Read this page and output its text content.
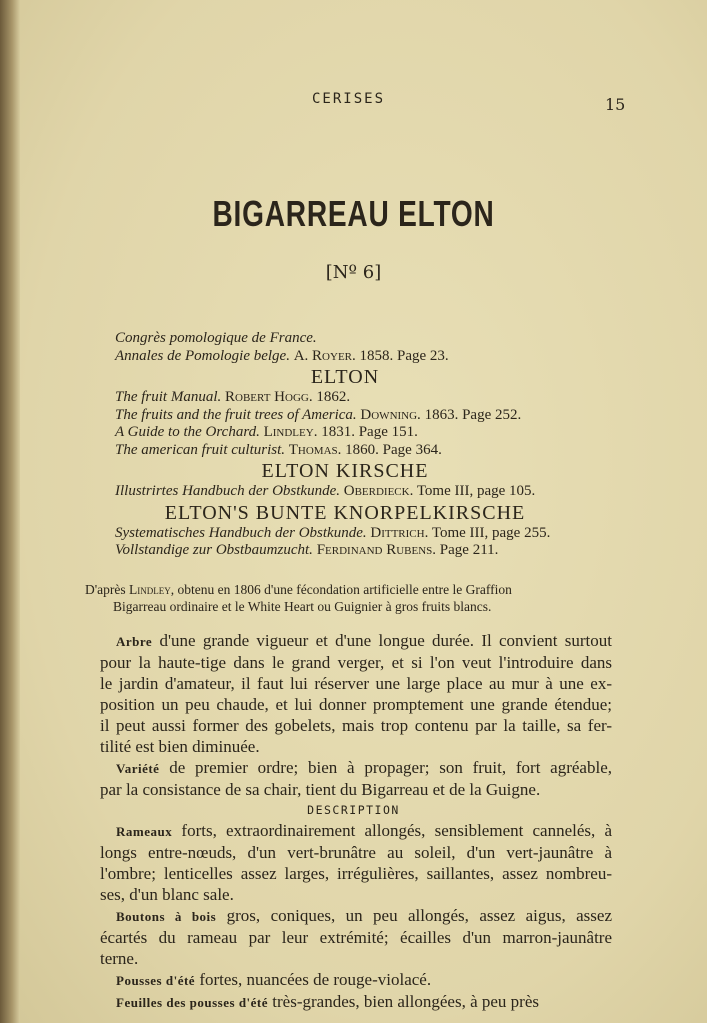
CERISES	15
BIGARREAU ELTON
[Nº 6]
Congrès pomologique de France.
Annales de Pomologie belge. A. Royer. 1858. Page 23.
ELTON
The fruit Manual. Robert Hogg. 1862.
The fruits and the fruit trees of America. Downing. 1863. Page 252.
A Guide to the Orchard. Lindley. 1831. Page 151.
The american fruit culturist. Thomas. 1860. Page 364.
ELTON KIRSCHE
Illustrirtes Handbuch der Obstkunde. Oberdieck. Tome III, page 105.
ELTON'S BUNTE KNORPELKIRSCHE
Systematisches Handbuch der Obstkunde. Dittrich. Tome III, page 255.
Vollstandige zur Obstbaumzucht. Ferdinand Rubens. Page 211.
D'après Lindley, obtenu en 1806 d'une fécondation artificielle entre le Graffion
Bigarreau ordinaire et le White Heart ou Guignier à gros fruits blancs.
Arbre d'une grande vigueur et d'une longue durée. Il convient surtout
pour la haute-tige dans le grand verger, et si l'on veut l'introduire dans
le jardin d'amateur, il faut lui réserver une large place au mur à une ex-
position un peu chaude, et lui donner promptement une grande étendue;
il peut aussi former des gobelets, mais trop contenu par la taille, sa fer-
tilité est bien diminuée.
Variété de premier ordre; bien à propager; son fruit, fort agréable,
par la consistance de sa chair, tient du Bigarreau et de la Guigne.
DESCRIPTION
Rameaux forts, extraordinairement allongés, sensiblement cannelés, à
longs entre-nœuds, d'un vert-brunâtre au soleil, d'un vert-jaunâtre à
l'ombre; lenticelles assez larges, irrégulières, saillantes, assez nombreu-
ses, d'un blanc sale.
Boutons à bois gros, coniques, un peu allongés, assez aigus, assez
écartés du rameau par leur extrémité; écailles d'un marron-jaunâtre
terne.
Pousses d'été fortes, nuancées de rouge-violacé.
Feuilles des pousses d'été très-grandes, bien allongées, à peu près
